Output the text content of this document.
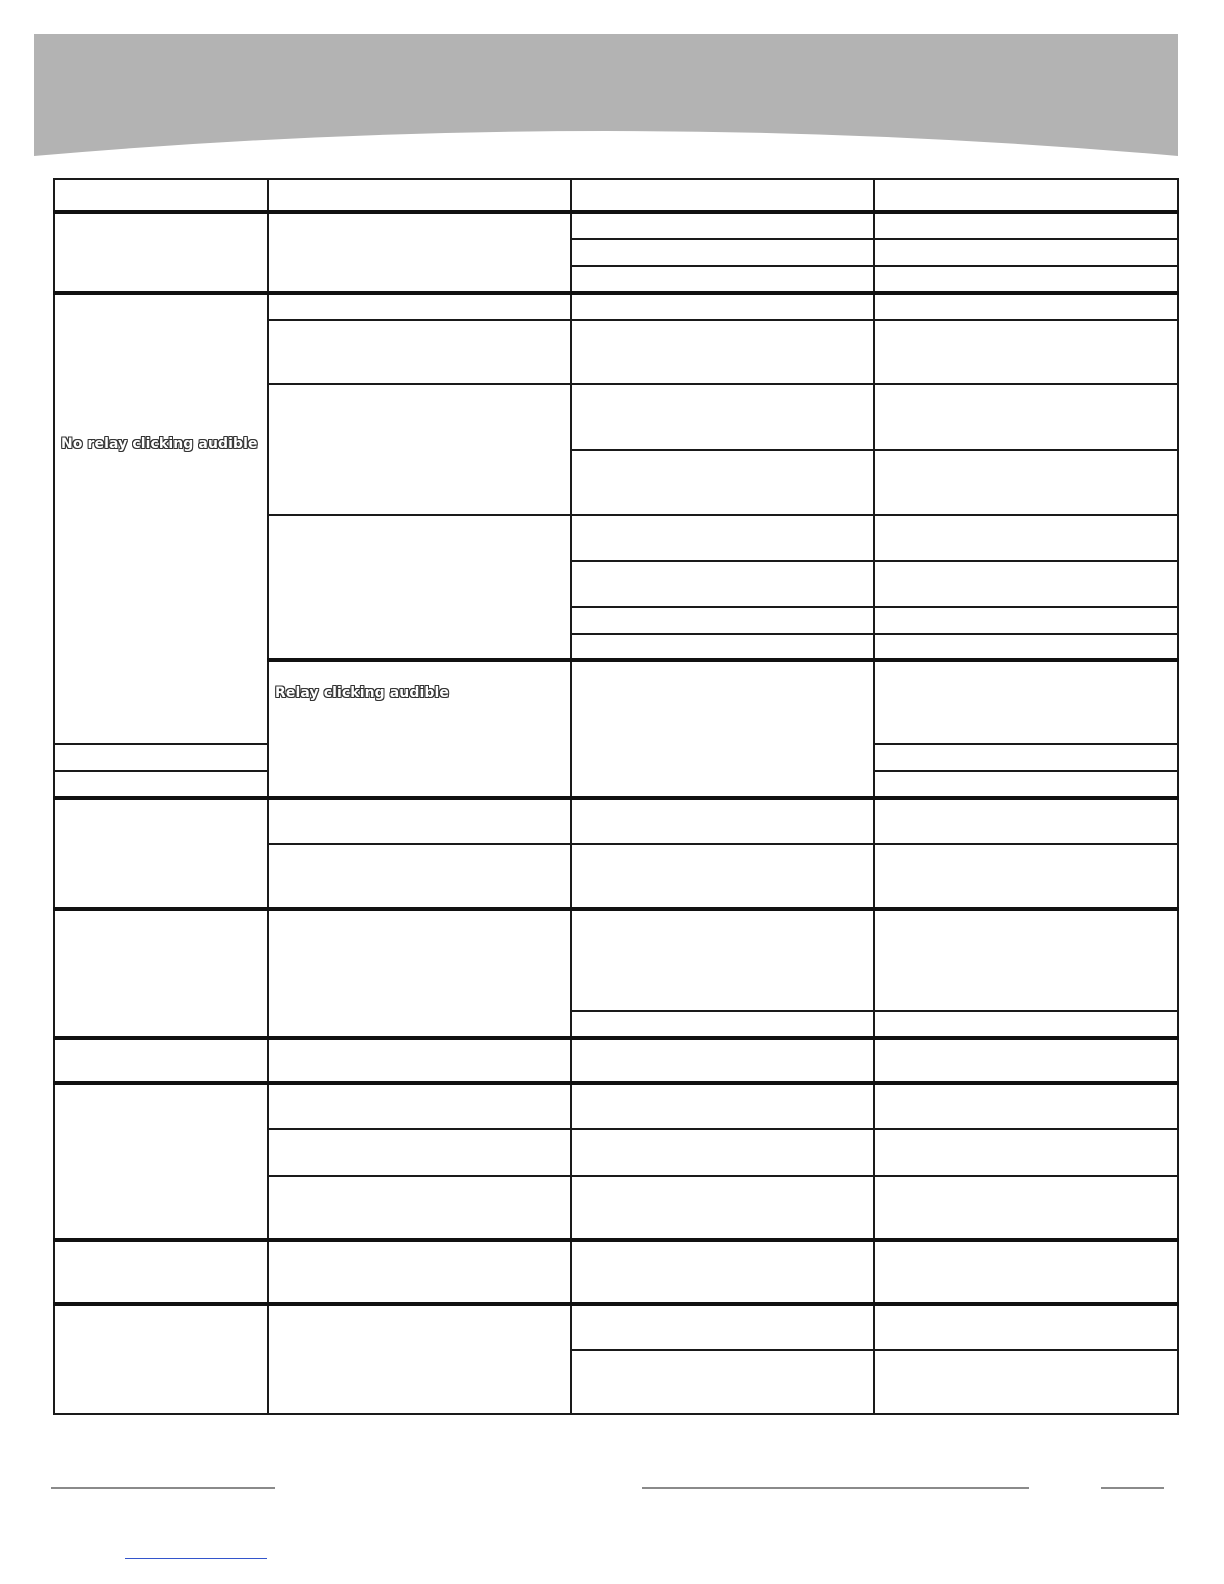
No relay clicking audible				

	Relay clicking audible			
